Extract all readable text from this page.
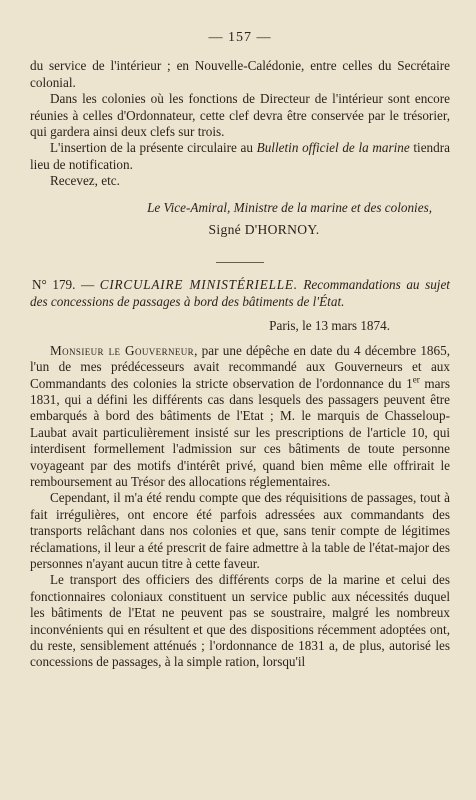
— 157 —

du service de l'intérieur ; en Nouvelle-Calédonie, entre celles du Secrétaire colonial.

Dans les colonies où les fonctions de Directeur de l'intérieur sont encore réunies à celles d'Ordonnateur, cette clef devra être conservée par le trésorier, qui gardera ainsi deux clefs sur trois.

L'insertion de la présente circulaire au Bulletin officiel de la marine tiendra lieu de notification.

Recevez, etc.

Le Vice-Amiral, Ministre de la marine et des colonies,
Signé D'HORNOY.

N° 179. — CIRCULAIRE MINISTÉRIELLE. Recommandations au sujet des concessions de passages à bord des bâtiments de l'État.

Paris, le 13 mars 1874.

Monsieur le Gouverneur, par une dépêche en date du 4 décembre 1865, l'un de mes prédécesseurs avait recommandé aux Gouverneurs et aux Commandants des colonies la stricte observation de l'ordonnance du 1er mars 1831, qui a défini les différents cas dans lesquels des passagers peuvent être embarqués à bord des bâtiments de l'Etat ; M. le marquis de Chasseloup-Laubat avait particulièrement insisté sur les prescriptions de l'article 10, qui interdisent formellement l'admission sur ces bâtiments de toute personne voyageant par des motifs d'intérêt privé, quand bien même elle offrirait le remboursement au Trésor des allocations réglementaires.

Cependant, il m'a été rendu compte que des réquisitions de passages, tout à fait irrégulières, ont encore été parfois adressées aux commandants des transports relâchant dans nos colonies et que, sans tenir compte de légitimes réclamations, il leur a été prescrit de faire admettre à la table de l'état-major des personnes n'ayant aucun titre à cette faveur.

Le transport des officiers des différents corps de la marine et celui des fonctionnaires coloniaux constituent un service public aux nécessités duquel les bâtiments de l'Etat ne peuvent pas se soustraire, malgré les nombreux inconvénients qui en résultent et que des dispositions récemment adoptées ont, du reste, sensiblement atténués ; l'ordonnance de 1831 a, de plus, autorisé les concessions de passages, à la simple ration, lorsqu'il
